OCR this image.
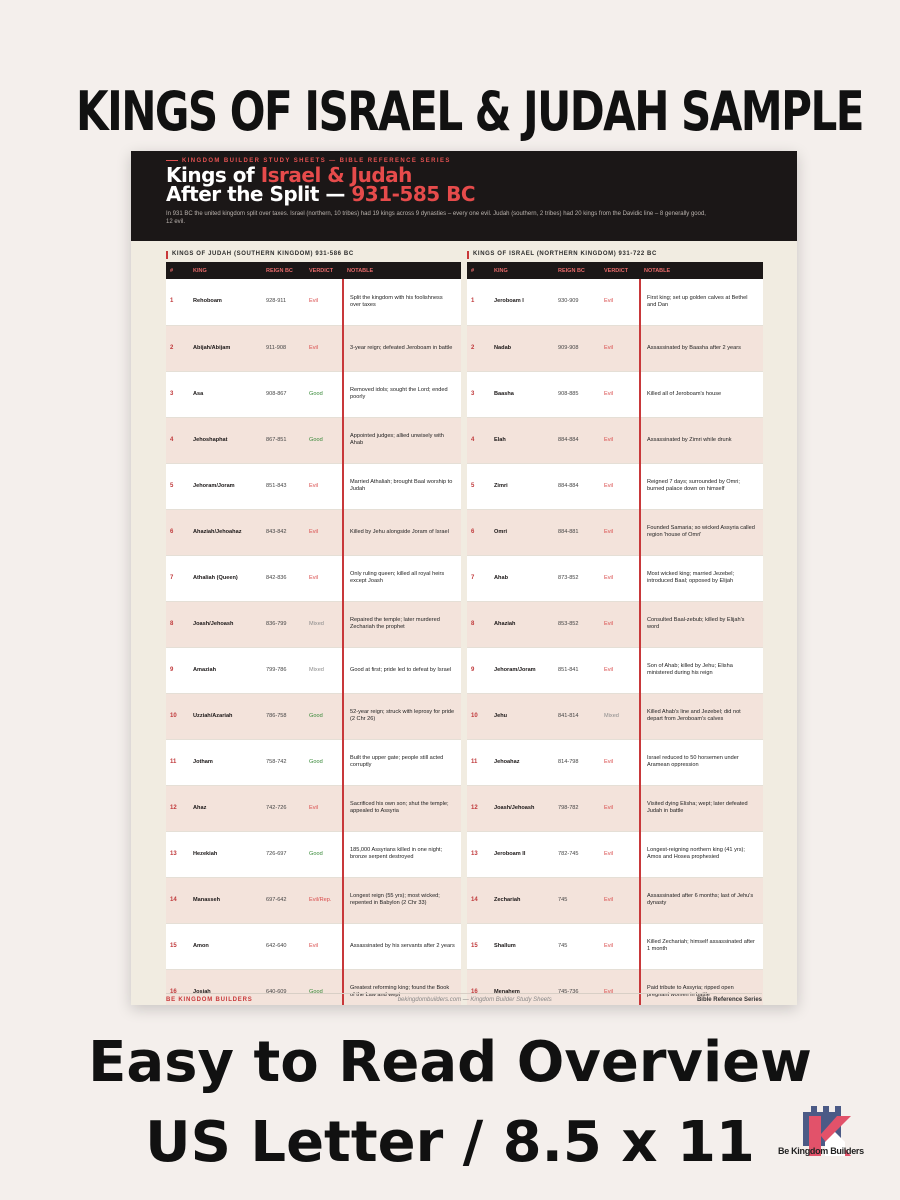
KINGS OF ISRAEL & JUDAH SAMPLE
KINGDOM BUILDER STUDY SHEETS — BIBLE REFERENCE SERIES
Kings of Israel & Judah
After the Split — 931-585 BC
In 931 BC the united kingdom split over taxes. Israel (northern, 10 tribes) had 19 kings across 9 dynasties – every one evil. Judah (southern, 2 tribes) had 20 kings from the Davidic line – 8 generally good, 12 evil.
KINGS OF JUDAH (SOUTHERN KINGDOM) 931-586 BC
#	KING	REIGN BC	VERDICT	NOTABLE
1	Rehoboam	928-911	Evil	Split the kingdom with his foolishness over taxes
2	Abijah/Abijam	911-908	Evil	3-year reign; defeated Jeroboam in battle
3	Asa	908-867	Good	Removed idols; sought the Lord; ended poorly
4	Jehoshaphat	867-851	Good	Appointed judges; allied unwisely with Ahab
5	Jehoram/Joram	851-843	Evil	Married Athaliah; brought Baal worship to Judah
6	Ahaziah/Jehoahaz	843-842	Evil	Killed by Jehu alongside Joram of Israel
7	Athaliah (Queen)	842-836	Evil	Only ruling queen; killed all royal heirs except Joash
8	Joash/Jehoash	836-799	Mixed	Repaired the temple; later murdered Zechariah the prophet
9	Amaziah	799-786	Mixed	Good at first; pride led to defeat by Israel
10	Uzziah/Azariah	786-758	Good	52-year reign; struck with leprosy for pride (2 Chr 26)
11	Jotham	758-742	Good	Built the upper gate; people still acted corruptly
12	Ahaz	742-726	Evil	Sacrificed his own son; shut the temple; appealed to Assyria
13	Hezekiah	726-697	Good	185,000 Assyrians killed in one night; bronze serpent destroyed
14	Manasseh	697-642	Evil/Rep.	Longest reign (55 yrs); most wicked; repented in Babylon (2 Chr 33)
15	Amon	642-640	Evil	Assassinated by his servants after 2 years
16	Josiah	640-609	Good	Greatest reforming king; found the Book of the Law and wept

KINGS OF ISRAEL (NORTHERN KINGDOM) 931-722 BC
#	KING	REIGN BC	VERDICT	NOTABLE
1	Jeroboam I	930-909	Evil	First king; set up golden calves at Bethel and Dan
2	Nadab	909-908	Evil	Assassinated by Baasha after 2 years
3	Baasha	908-885	Evil	Killed all of Jeroboam's house
4	Elah	884-884	Evil	Assassinated by Zimri while drunk
5	Zimri	884-884	Evil	Reigned 7 days; surrounded by Omri; burned palace down on himself
6	Omri	884-881	Evil	Founded Samaria; so wicked Assyria called region 'house of Omri'
7	Ahab	873-852	Evil	Most wicked king; married Jezebel; introduced Baal; opposed by Elijah
8	Ahaziah	853-852	Evil	Consulted Baal-zebub; killed by Elijah's word
9	Jehoram/Joram	851-841	Evil	Son of Ahab; killed by Jehu; Elisha ministered during his reign
10	Jehu	841-814	Mixed	Killed Ahab's line and Jezebel; did not depart from Jeroboam's calves
11	Jehoahaz	814-798	Evil	Israel reduced to 50 horsemen under Aramean oppression
12	Joash/Jehoash	798-782	Evil	Visited dying Elisha; wept; later defeated Judah in battle
13	Jeroboam II	782-745	Evil	Longest-reigning northern king (41 yrs); Amos and Hosea prophesied
14	Zechariah	745	Evil	Assassinated after 6 months; last of Jehu's dynasty
15	Shallum	745	Evil	Killed Zechariah; himself assassinated after 1 month
16	Menahem	745-736	Evil	Paid tribute to Assyria; ripped open pregnant women in battle

BE KINGDOM BUILDERS	bekingdombuilders.com — Kingdom Builder Study Sheets	Bible Reference Series
Easy to Read Overview
US Letter / 8.5 x 11	Be Kingdom Builders
